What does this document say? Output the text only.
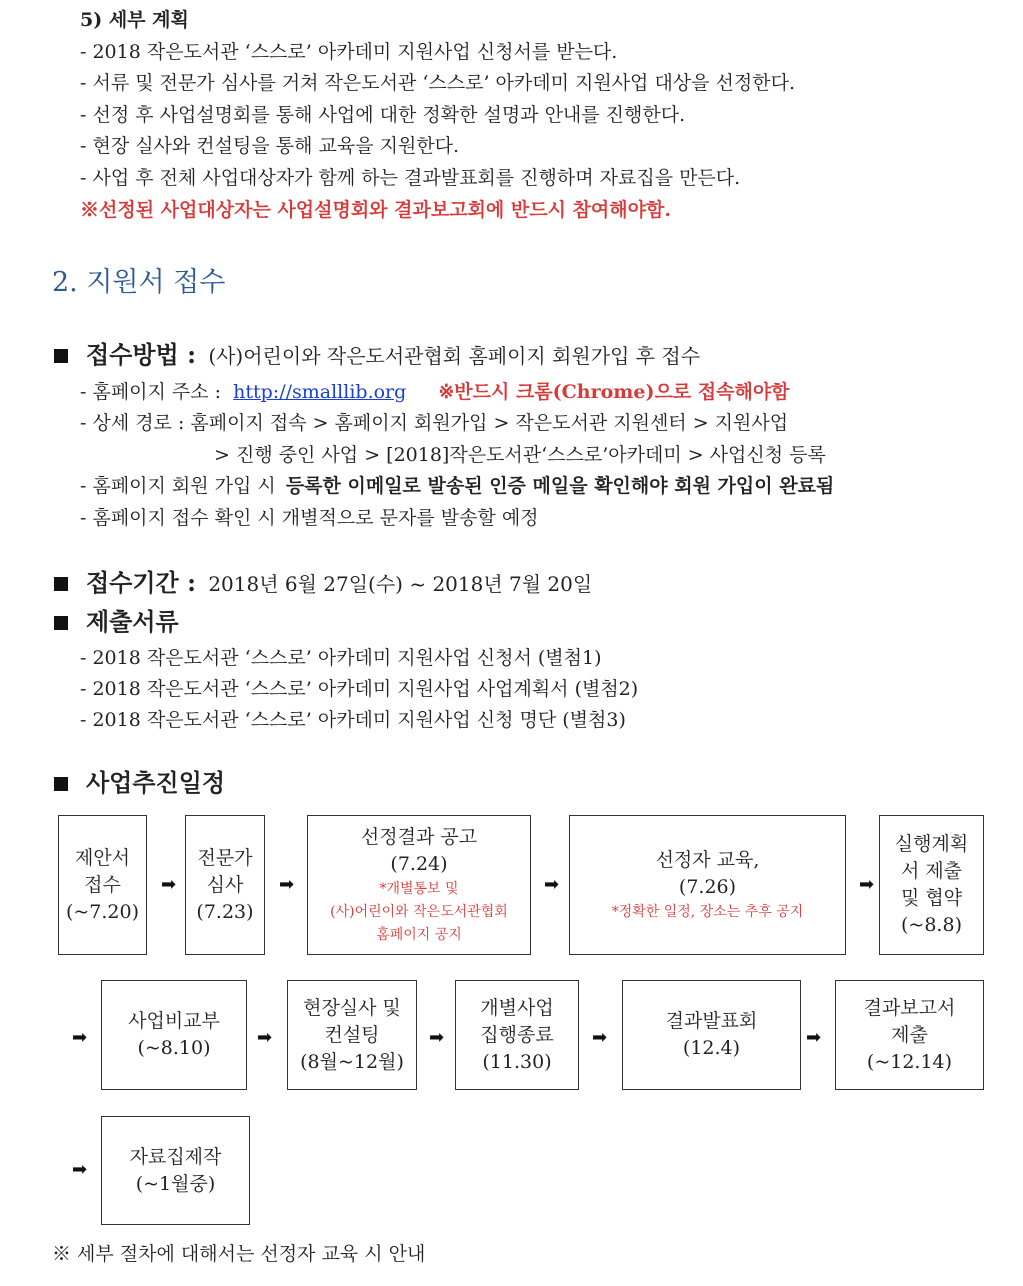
5) 세부 계획
- 2018 작은도서관 ‘스스로’ 아카데미 지원사업 신청서를 받는다.
- 서류 및 전문가 심사를 거쳐 작은도서관 ‘스스로’ 아카데미 지원사업 대상을 선정한다.
- 선정 후 사업설명회를 통해 사업에 대한 정확한 설명과 안내를 진행한다.
- 현장 실사와 컨설팅을 통해 교육을 지원한다.
- 사업 후 전체 사업대상자가 함께 하는 결과발표회를 진행하며 자료집을 만든다.
※선정된 사업대상자는 사업설명회와 결과보고회에 반드시 참여해야함.
2. 지원서 접수
접수방법 : (사)어린이와 작은도서관협회 홈페이지 회원가입 후 접수
- 홈페이지 주소 : http://smalllib.org ※반드시 크롬(Chrome)으로 접속해야함
- 상세 경로 : 홈페이지 접속 > 홈페이지 회원가입 > 작은도서관 지원센터 > 지원사업
> 진행 중인 사업 > [2018]작은도서관‘스스로’아카데미 > 사업신청 등록
- 홈페이지 회원 가입 시 등록한 이메일로 발송된 인증 메일을 확인해야 회원 가입이 완료됨
- 홈페이지 접수 확인 시 개별적으로 문자를 발송할 예정
접수기간 : 2018년 6월 27일(수) ~ 2018년 7월 20일
제출서류
- 2018 작은도서관 ‘스스로’ 아카데미 지원사업 신청서 (별첨1)
- 2018 작은도서관 ‘스스로’ 아카데미 지원사업 사업계획서 (별첨2)
- 2018 작은도서관 ‘스스로’ 아카데미 지원사업 신청 명단 (별첨3)
사업추진일정
제안서
접수
(~7.20)
➡
전문가
심사
(7.23)
➡
선정결과 공고
(7.24)
*개별통보 및
(사)어린이와 작은도서관협회
홈페이지 공지
➡
선정자 교육,
(7.26)
*정확한 일정, 장소는 추후 공지
➡
실행계획
서 제출
및 협약
(~8.8)
➡
사업비교부
(~8.10)	➡
현장실사 및
컨설팅
(8월~12월)
➡
개별사업
집행종료
(11.30)
➡
결과발표회
(12.4)	➡
결과보고서
제출
(~12.14)
➡
자료집제작
(~1월중)
※ 세부 절차에 대해서는 선정자 교육 시 안내
